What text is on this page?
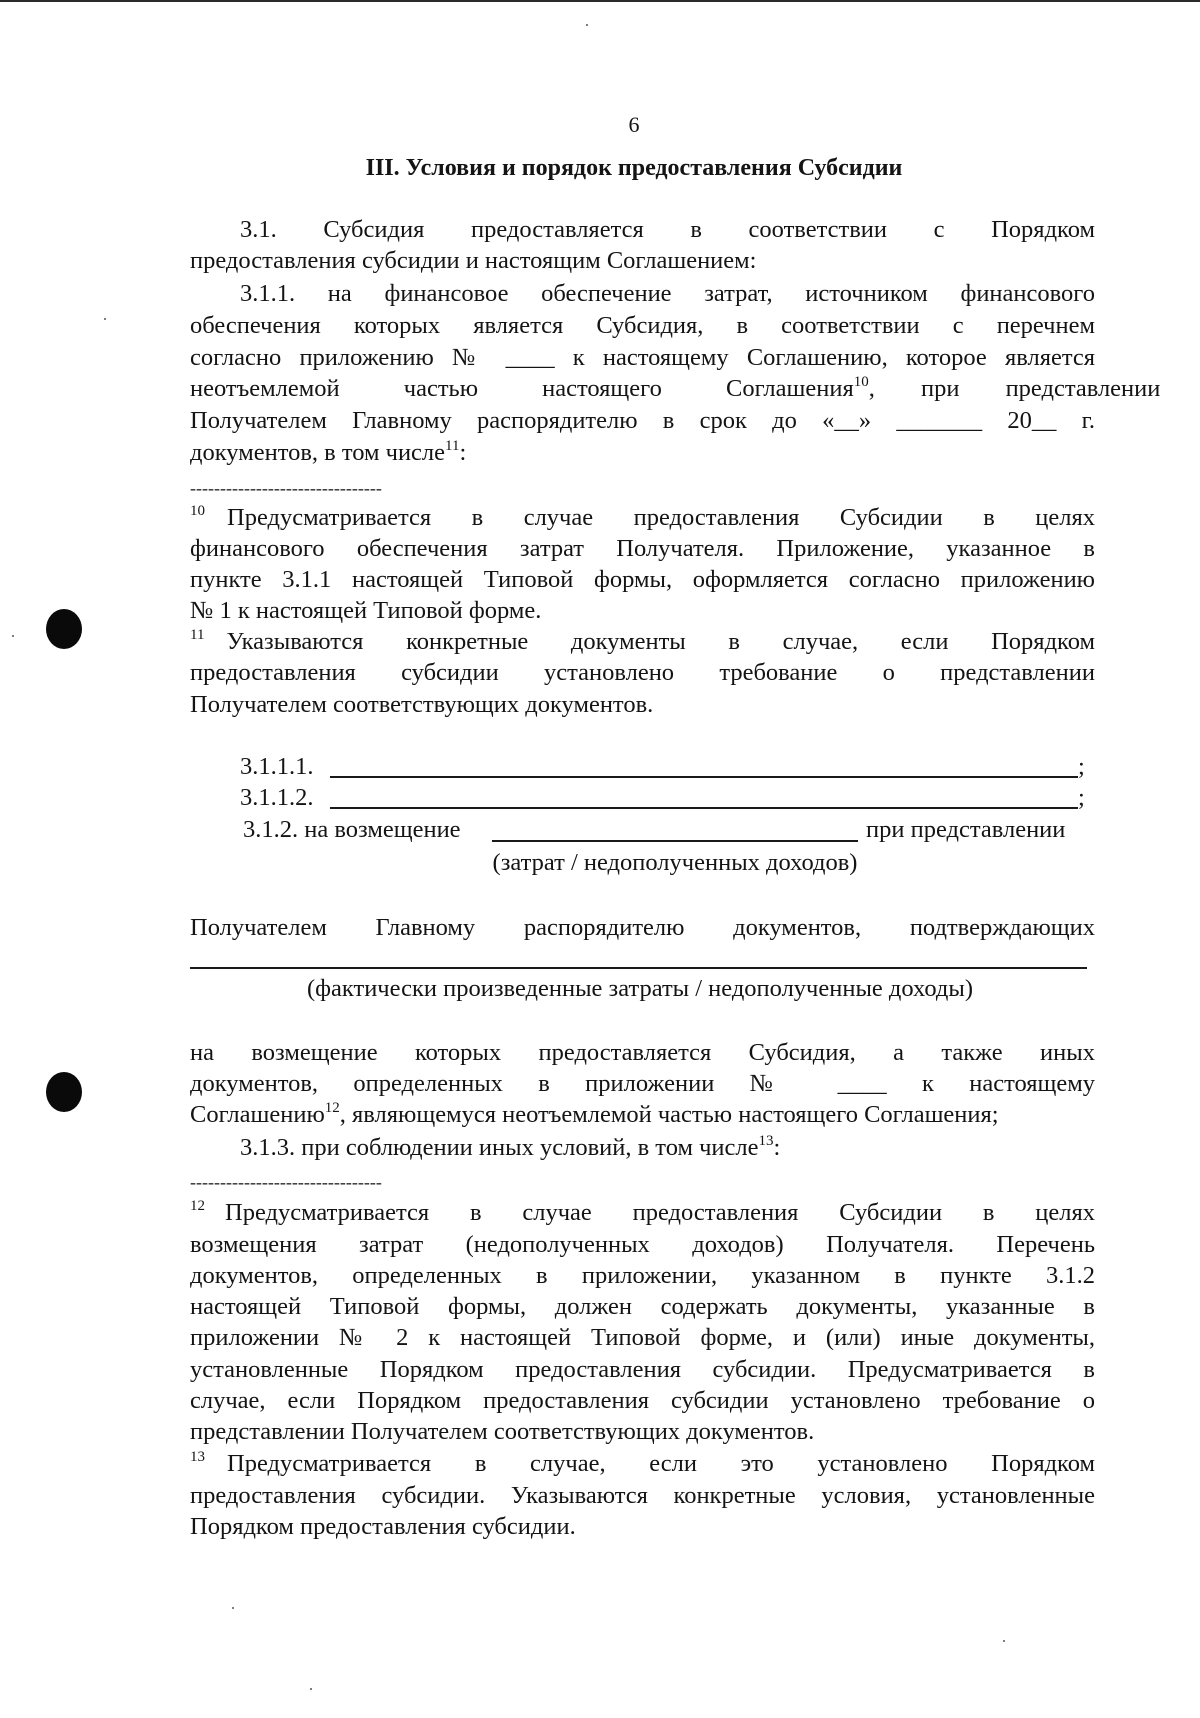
6
III. Условия и порядок предоставления Субсидии
3.1. Субсидия предоставляется в соответствии с Порядком
предоставления субсидии и настоящим Соглашением:
3.1.1. на финансовое обеспечение затрат, источником финансового
обеспечения которых является Субсидия, в соответствии с перечнем
согласно приложению № ____ к настоящему Соглашению, которое является
неотъемлемой частью настоящего Соглашения$^{10}$, при представлении
Получателем Главному распорядителю в срок до «__» _______ 20__ г.
документов, в том числе$^{11}$:
--------------------------------
$^{10}$ Предусматривается в случае предоставления Субсидии в целях
финансового обеспечения затрат Получателя. Приложение, указанное в
пункте 3.1.1 настоящей Типовой формы, оформляется согласно приложению
№ 1 к настоящей Типовой форме.
$^{11}$ Указываются конкретные документы в случае, если Порядком
предоставления субсидии установлено требование о представлении
Получателем соответствующих документов.
3.1.1.1.	;
3.1.1.2.	;
3.1.2. на возмещение	при представлении
(затрат / недополученных доходов)
Получателем Главному распорядителю документов, подтверждающих
(фактически произведенные затраты / недополученные доходы)
на возмещение которых предоставляется Субсидия, а также иных
документов, определенных в приложении № ____ к настоящему
Соглашению$^{12}$, являющемуся неотъемлемой частью настоящего Соглашения;
3.1.3. при соблюдении иных условий, в том числе$^{13}$:
--------------------------------
$^{12}$ Предусматривается в случае предоставления Субсидии в целях
возмещения затрат (недополученных доходов) Получателя. Перечень
документов, определенных в приложении, указанном в пункте 3.1.2
настоящей Типовой формы, должен содержать документы, указанные в
приложении № 2 к настоящей Типовой форме, и (или) иные документы,
установленные Порядком предоставления субсидии. Предусматривается в
случае, если Порядком предоставления субсидии установлено требование о
представлении Получателем соответствующих документов.
$^{13}$ Предусматривается в случае, если это установлено Порядком
предоставления субсидии. Указываются конкретные условия, установленные
Порядком предоставления субсидии.
